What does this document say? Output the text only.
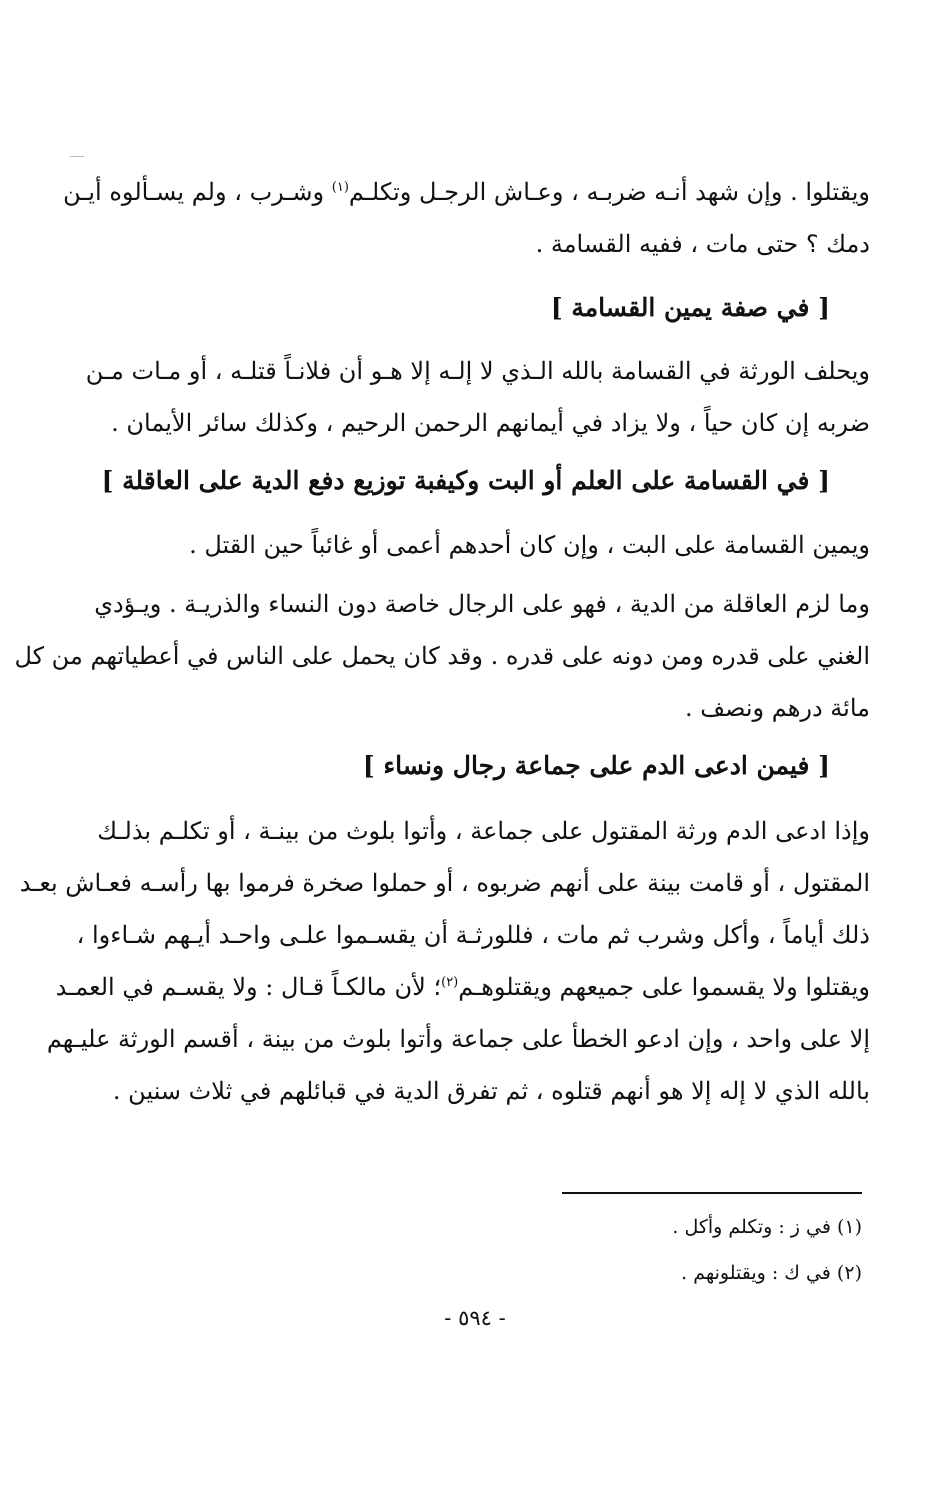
ويقتلوا . وإن شهد أنـه ضربـه ، وعـاش الرجـل وتكلـم$^{(١)}$ وشـرب ، ولم يسـألوه أيـن
دمك ؟ حتى مات ، ففيه القسامة .
[ في صفة يمين القسامة ]
ويحلف الورثة في القسامة بالله الـذي لا إلـه إلا هـو أن فلانـاً قتلـه ، أو مـات مـن
ضربه إن كان حياً ، ولا يزاد في أيمانهم الرحمن الرحيم ، وكذلك سائر الأيمان .
[ في القسامة على العلم أو البت وكيفبة توزيع دفع الدية على العاقلة ]
ويمين القسامة على البت ، وإن كان أحدهم أعمى أو غائباً حين القتل .
وما لزم العاقلة من الدية ، فهو على الرجال خاصة دون النساء والذريـة . ويـؤدي
الغني على قدره ومن دونه على قدره . وقد كان يحمل على الناس في أعطياتهم من كل
مائة درهم ونصف .
[ فيمن ادعى الدم على جماعة رجال ونساء ]
وإذا ادعى الدم ورثة المقتول على جماعة ، وأتوا بلوث من بينـة ، أو تكلـم بذلـك
المقتول ، أو قامت بينة على أنهم ضربوه ، أو حملوا صخرة فرموا بها رأسـه فعـاش بعـد
ذلك أياماً ، وأكل وشرب ثم مات ، فللورثـة أن يقسـموا علـى واحـد أيـهم شـاءوا ،
ويقتلوا ولا يقسموا على جميعهم ويقتلوهـم$^{(٢)}$؛ لأن مالكـاً قـال : ولا يقسـم في العمـد
إلا على واحد ، وإن ادعو الخطأ على جماعة وأتوا بلوث من بينة ، أقسم الورثة عليـهم
بالله الذي لا إله إلا هو أنهم قتلوه ، ثم تفرق الدية في قبائلهم في ثلاث سنين .
(١) في ز : وتكلم وأكل .
(٢) في ك : ويقتلونهم .
- ٥٩٤ -
